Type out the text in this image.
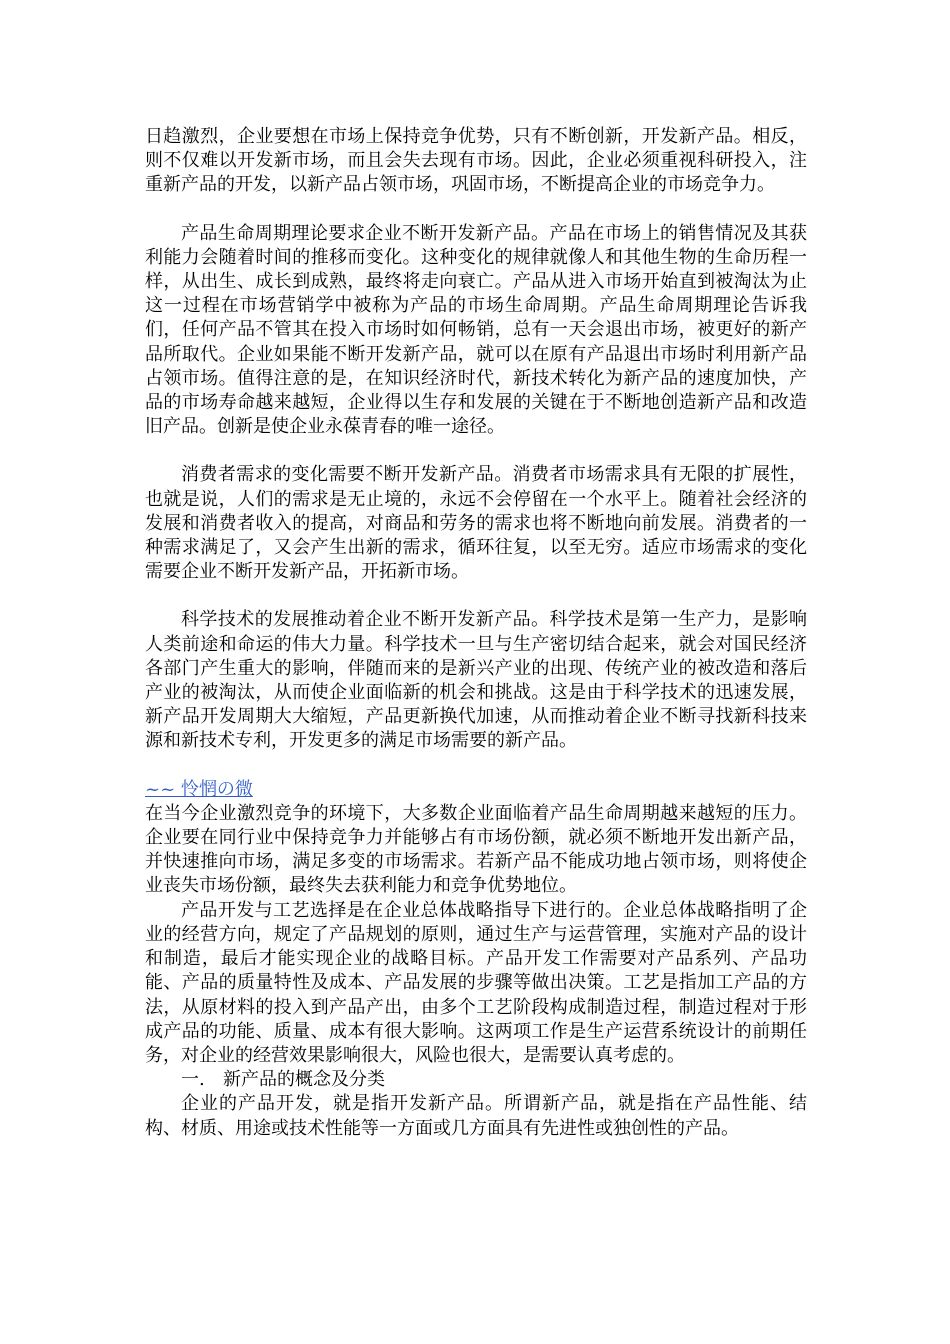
日趋激烈，企业要想在市场上保持竞争优势，只有不断创新，开发新产品。相反，则不仅难以开发新市场，而且会失去现有市场。因此，企业必须重视科研投入，注重新产品的开发，以新产品占领市场，巩固市场，不断提高企业的市场竞争力。

产品生命周期理论要求企业不断开发新产品。产品在市场上的销售情况及其获利能力会随着时间的推移而变化。这种变化的规律就像人和其他生物的生命历程一样，从出生、成长到成熟，最终将走向衰亡。产品从进入市场开始直到被淘汰为止这一过程在市场营销学中被称为产品的市场生命周期。产品生命周期理论告诉我们，任何产品不管其在投入市场时如何畅销，总有一天会退出市场，被更好的新产品所取代。企业如果能不断开发新产品，就可以在原有产品退出市场时利用新产品占领市场。值得注意的是，在知识经济时代，新技术转化为新产品的速度加快，产品的市场寿命越来越短，企业得以生存和发展的关键在于不断地创造新产品和改造旧产品。创新是使企业永葆青春的唯一途径。

消费者需求的变化需要不断开发新产品。消费者市场需求具有无限的扩展性，也就是说，人们的需求是无止境的，永远不会停留在一个水平上。随着社会经济的发展和消费者收入的提高，对商品和劳务的需求也将不断地向前发展。消费者的一种需求满足了，又会产生出新的需求，循环往复，以至无穷。适应市场需求的变化需要企业不断开发新产品，开拓新市场。

科学技术的发展推动着企业不断开发新产品。科学技术是第一生产力，是影响人类前途和命运的伟大力量。科学技术一旦与生产密切结合起来，就会对国民经济各部门产生重大的影响，伴随而来的是新兴产业的出现、传统产业的被改造和落后产业的被淘汰，从而使企业面临新的机会和挑战。这是由于科学技术的迅速发展，新产品开发周期大大缩短，产品更新换代加速，从而推动着企业不断寻找新科技来源和新技术专利，开发更多的满足市场需要的新产品。

~~ 怜惘の微

在当今企业激烈竞争的环境下，大多数企业面临着产品生命周期越来越短的压力。企业要在同行业中保持竞争力并能够占有市场份额，就必须不断地开发出新产品，并快速推向市场，满足多变的市场需求。若新产品不能成功地占领市场，则将使企业丧失市场份额，最终失去获利能力和竞争优势地位。

产品开发与工艺选择是在企业总体战略指导下进行的。企业总体战略指明了企业的经营方向，规定了产品规划的原则，通过生产与运营管理，实施对产品的设计和制造，最后才能实现企业的战略目标。产品开发工作需要对产品系列、产品功能、产品的质量特性及成本、产品发展的步骤等做出决策。工艺是指加工产品的方法，从原材料的投入到产品产出，由多个工艺阶段构成制造过程，制造过程对于形成产品的功能、质量、成本有很大影响。这两项工作是生产运营系统设计的前期任务，对企业的经营效果影响很大，风险也很大，是需要认真考虑的。

一. 新产品的概念及分类

企业的产品开发，就是指开发新产品。所谓新产品，就是指在产品性能、结构、材质、用途或技术性能等一方面或几方面具有先进性或独创性的产品。
